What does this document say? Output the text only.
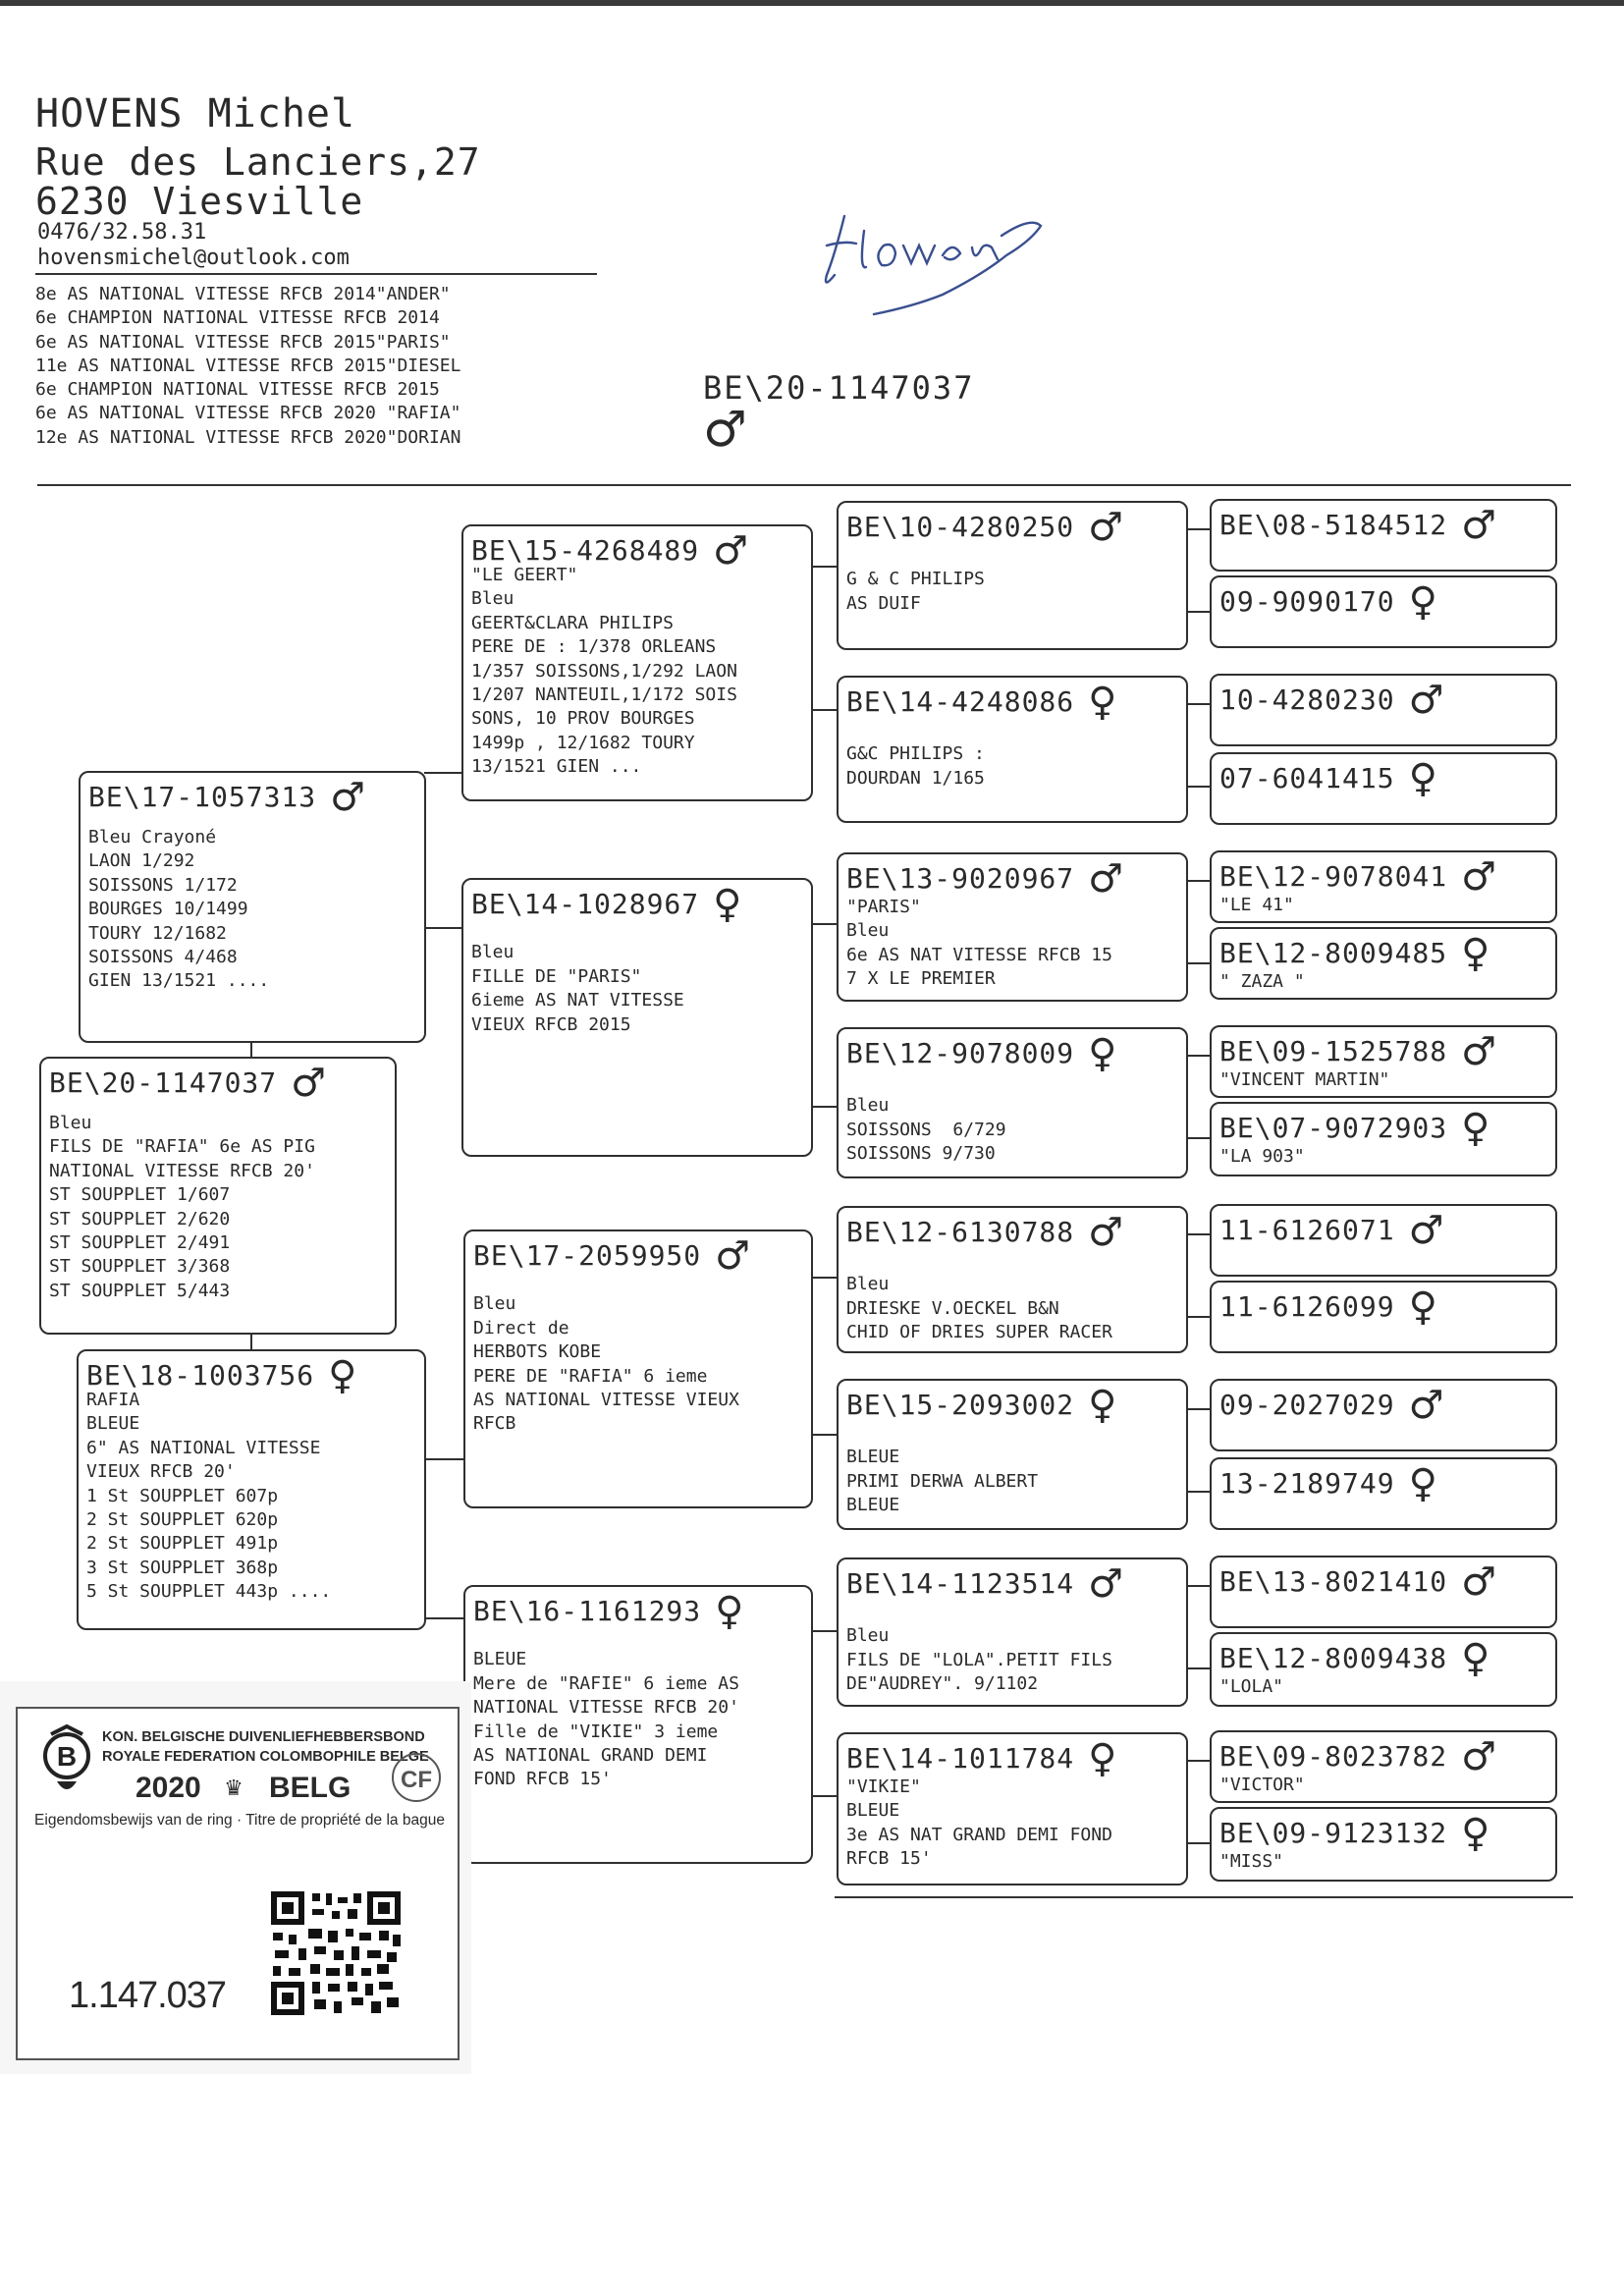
HOVENS Michel
Rue des Lanciers,27
6230 Viesville
0476/32.58.31
hovensmichel@outlook.com
8e AS NATIONAL VITESSE RFCB 2014"ANDER"
6e CHAMPION NATIONAL VITESSE RFCB 2014
6e AS NATIONAL VITESSE RFCB 2015"PARIS"
11e AS NATIONAL VITESSE RFCB 2015"DIESEL
6e CHAMPION NATIONAL VITESSE RFCB 2015
6e AS NATIONAL VITESSE RFCB 2020 "RAFIA"
12e AS NATIONAL VITESSE RFCB 2020"DORIAN
BE\20-1147037
♂
BE\17-1057313 ♂
Bleu Crayoné
LAON 1/292
SOISSONS 1/172
BOURGES 10/1499
TOURY 12/1682
SOISSONS 4/468
GIEN 13/1521 ....
BE\20-1147037 ♂
Bleu
FILS DE "RAFIA" 6e AS PIG
NATIONAL VITESSE RFCB 20'
ST SOUPPLET 1/607
ST SOUPPLET 2/620
ST SOUPPLET 2/491
ST SOUPPLET 3/368
ST SOUPPLET 5/443
BE\18-1003756 ♀
RAFIA
BLEUE
6" AS NATIONAL VITESSE
VIEUX RFCB 20'
1 St SOUPPLET 607p
2 St SOUPPLET 620p
2 St SOUPPLET 491p
3 St SOUPPLET 368p
5 St SOUPPLET 443p ....
BE\15-4268489 ♂
"LE GEERT"
Bleu
GEERT&CLARA PHILIPS
PERE DE : 1/378 ORLEANS
1/357 SOISSONS,1/292 LAON
1/207 NANTEUIL,1/172 SOIS
SONS, 10 PROV BOURGES
1499p , 12/1682 TOURY
13/1521 GIEN ...
BE\14-1028967 ♀

Bleu
FILLE DE "PARIS"
6ieme AS NAT VITESSE
VIEUX RFCB 2015
BE\17-2059950 ♂

Bleu
Direct de
HERBOTS KOBE
PERE DE "RAFIA" 6 ieme
AS NATIONAL VITESSE VIEUX
RFCB
BE\16-1161293 ♀

BLEUE
Mere de "RAFIE" 6 ieme AS
NATIONAL VITESSE RFCB 20'
Fille de "VIKIE" 3 ieme
AS NATIONAL GRAND DEMI
FOND RFCB 15'
BE\10-4280250 ♂

G & C PHILIPS
AS DUIF
BE\14-4248086 ♀

G&C PHILIPS :
DOURDAN 1/165
BE\13-9020967 ♂
"PARIS"
Bleu
6e AS NAT VITESSE RFCB 15
7 X LE PREMIER
BE\12-9078009 ♀

Bleu
SOISSONS  6/729
SOISSONS 9/730
BE\12-6130788 ♂

Bleu
DRIESKE V.OECKEL B&N
CHID OF DRIES SUPER RACER
BE\15-2093002 ♀

BLEUE
PRIMI DERWA ALBERT
BLEUE
BE\14-1123514 ♂

Bleu
FILS DE "LOLA".PETIT FILS
DE"AUDREY". 9/1102
BE\14-1011784 ♀
"VIKIE"
BLEUE
3e AS NAT GRAND DEMI FOND
RFCB 15'
BE\08-5184512 ♂
09-9090170 ♀
10-4280230 ♂
07-6041415 ♀
BE\12-9078041 ♂
"LE 41"
BE\12-8009485 ♀
" ZAZA "
BE\09-1525788 ♂
"VINCENT MARTIN"
BE\07-9072903 ♀
"LA 903"
11-6126071 ♂
11-6126099 ♀
09-2027029 ♂
13-2189749 ♀
BE\13-8021410 ♂
BE\12-8009438 ♀
"LOLA"
BE\09-8023782 ♂
"VICTOR"
BE\09-9123132 ♀
"MISS"
B
KON. BELGISCHE DUIVENLIEFHEBBERSBOND
ROYALE FEDERATION COLOMBOPHILE BELGE
2020	♛ BELG CF
Eigendomsbewijs van de ring · Titre de propriété de la bague
1.147.037
